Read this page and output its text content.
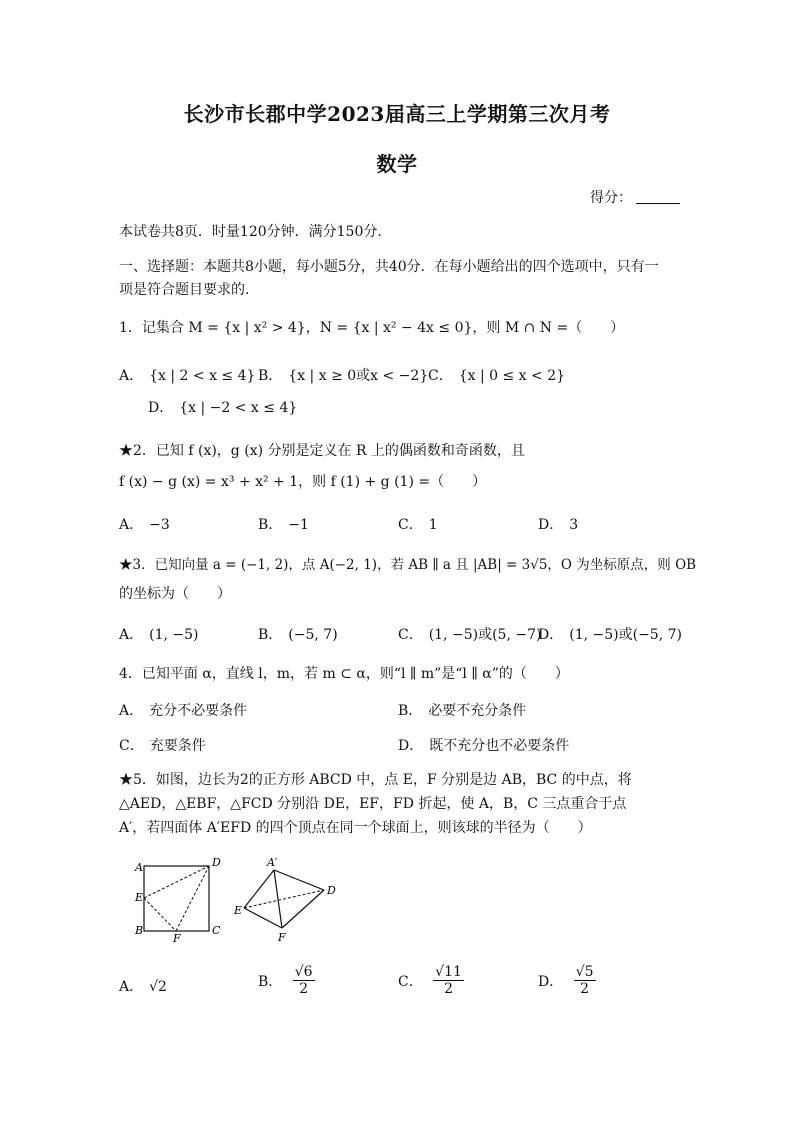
长沙市长郡中学2023届高三上学期第三次月考
数学
得分：
本试卷共8页．时量120分钟．满分150分．
一、选择题：本题共8小题，每小题5分，共40分．在每小题给出的四个选项中，只有一
项是符合题目要求的．
1．记集合 M = {x | x² > 4}，N = {x | x² − 4x ≤ 0}，则 M ∩ N =（　　）
A． {x | 2 < x ≤ 4} B． {x | x ≥ 0或x < −2} C． {x | 0 ≤ x < 2}
D． {x | −2 < x ≤ 4}
★2．已知 f (x)，g (x) 分别是定义在 R 上的偶函数和奇函数，且
f (x) − g (x) = x³ + x² + 1，则 f (1) + g (1) =（　　）
A． −3	B． −1	C． 1	D． 3
★3．已知向量 a = (−1, 2)，点 A(−2, 1)，若 AB ∥ a 且 |AB| = 3√5，O 为坐标原点，则 OB
的坐标为（　　）
A． (1, −5)	B． (−5, 7)	C． (1, −5)或(5, −7)
D． (1, −5)或(−5, 7)
4．已知平面 α，直线 l，m，若 m ⊂ α，则“l ∥ m”是“l ∥ α”的（　　）
A． 充分不必要条件	B． 必要不充分条件
C． 充要条件	D． 既不充分也不必要条件
★5．如图，边长为2的正方形 ABCD 中，点 E，F 分别是边 AB，BC 的中点，将
△AED，△EBF，△FCD 分别沿 DE，EF，FD 折起，使 A，B，C 三点重合于点
A′，若四面体 A′EFD 的四个顶点在同一个球面上，则该球的半径为（　　）
A
B	C
D
E
F
A′
D
E
F
A． √2	B． $\frac{√6}{2}$	C． $\frac{√11}{2}$	D． $\frac{√5}{2}$
